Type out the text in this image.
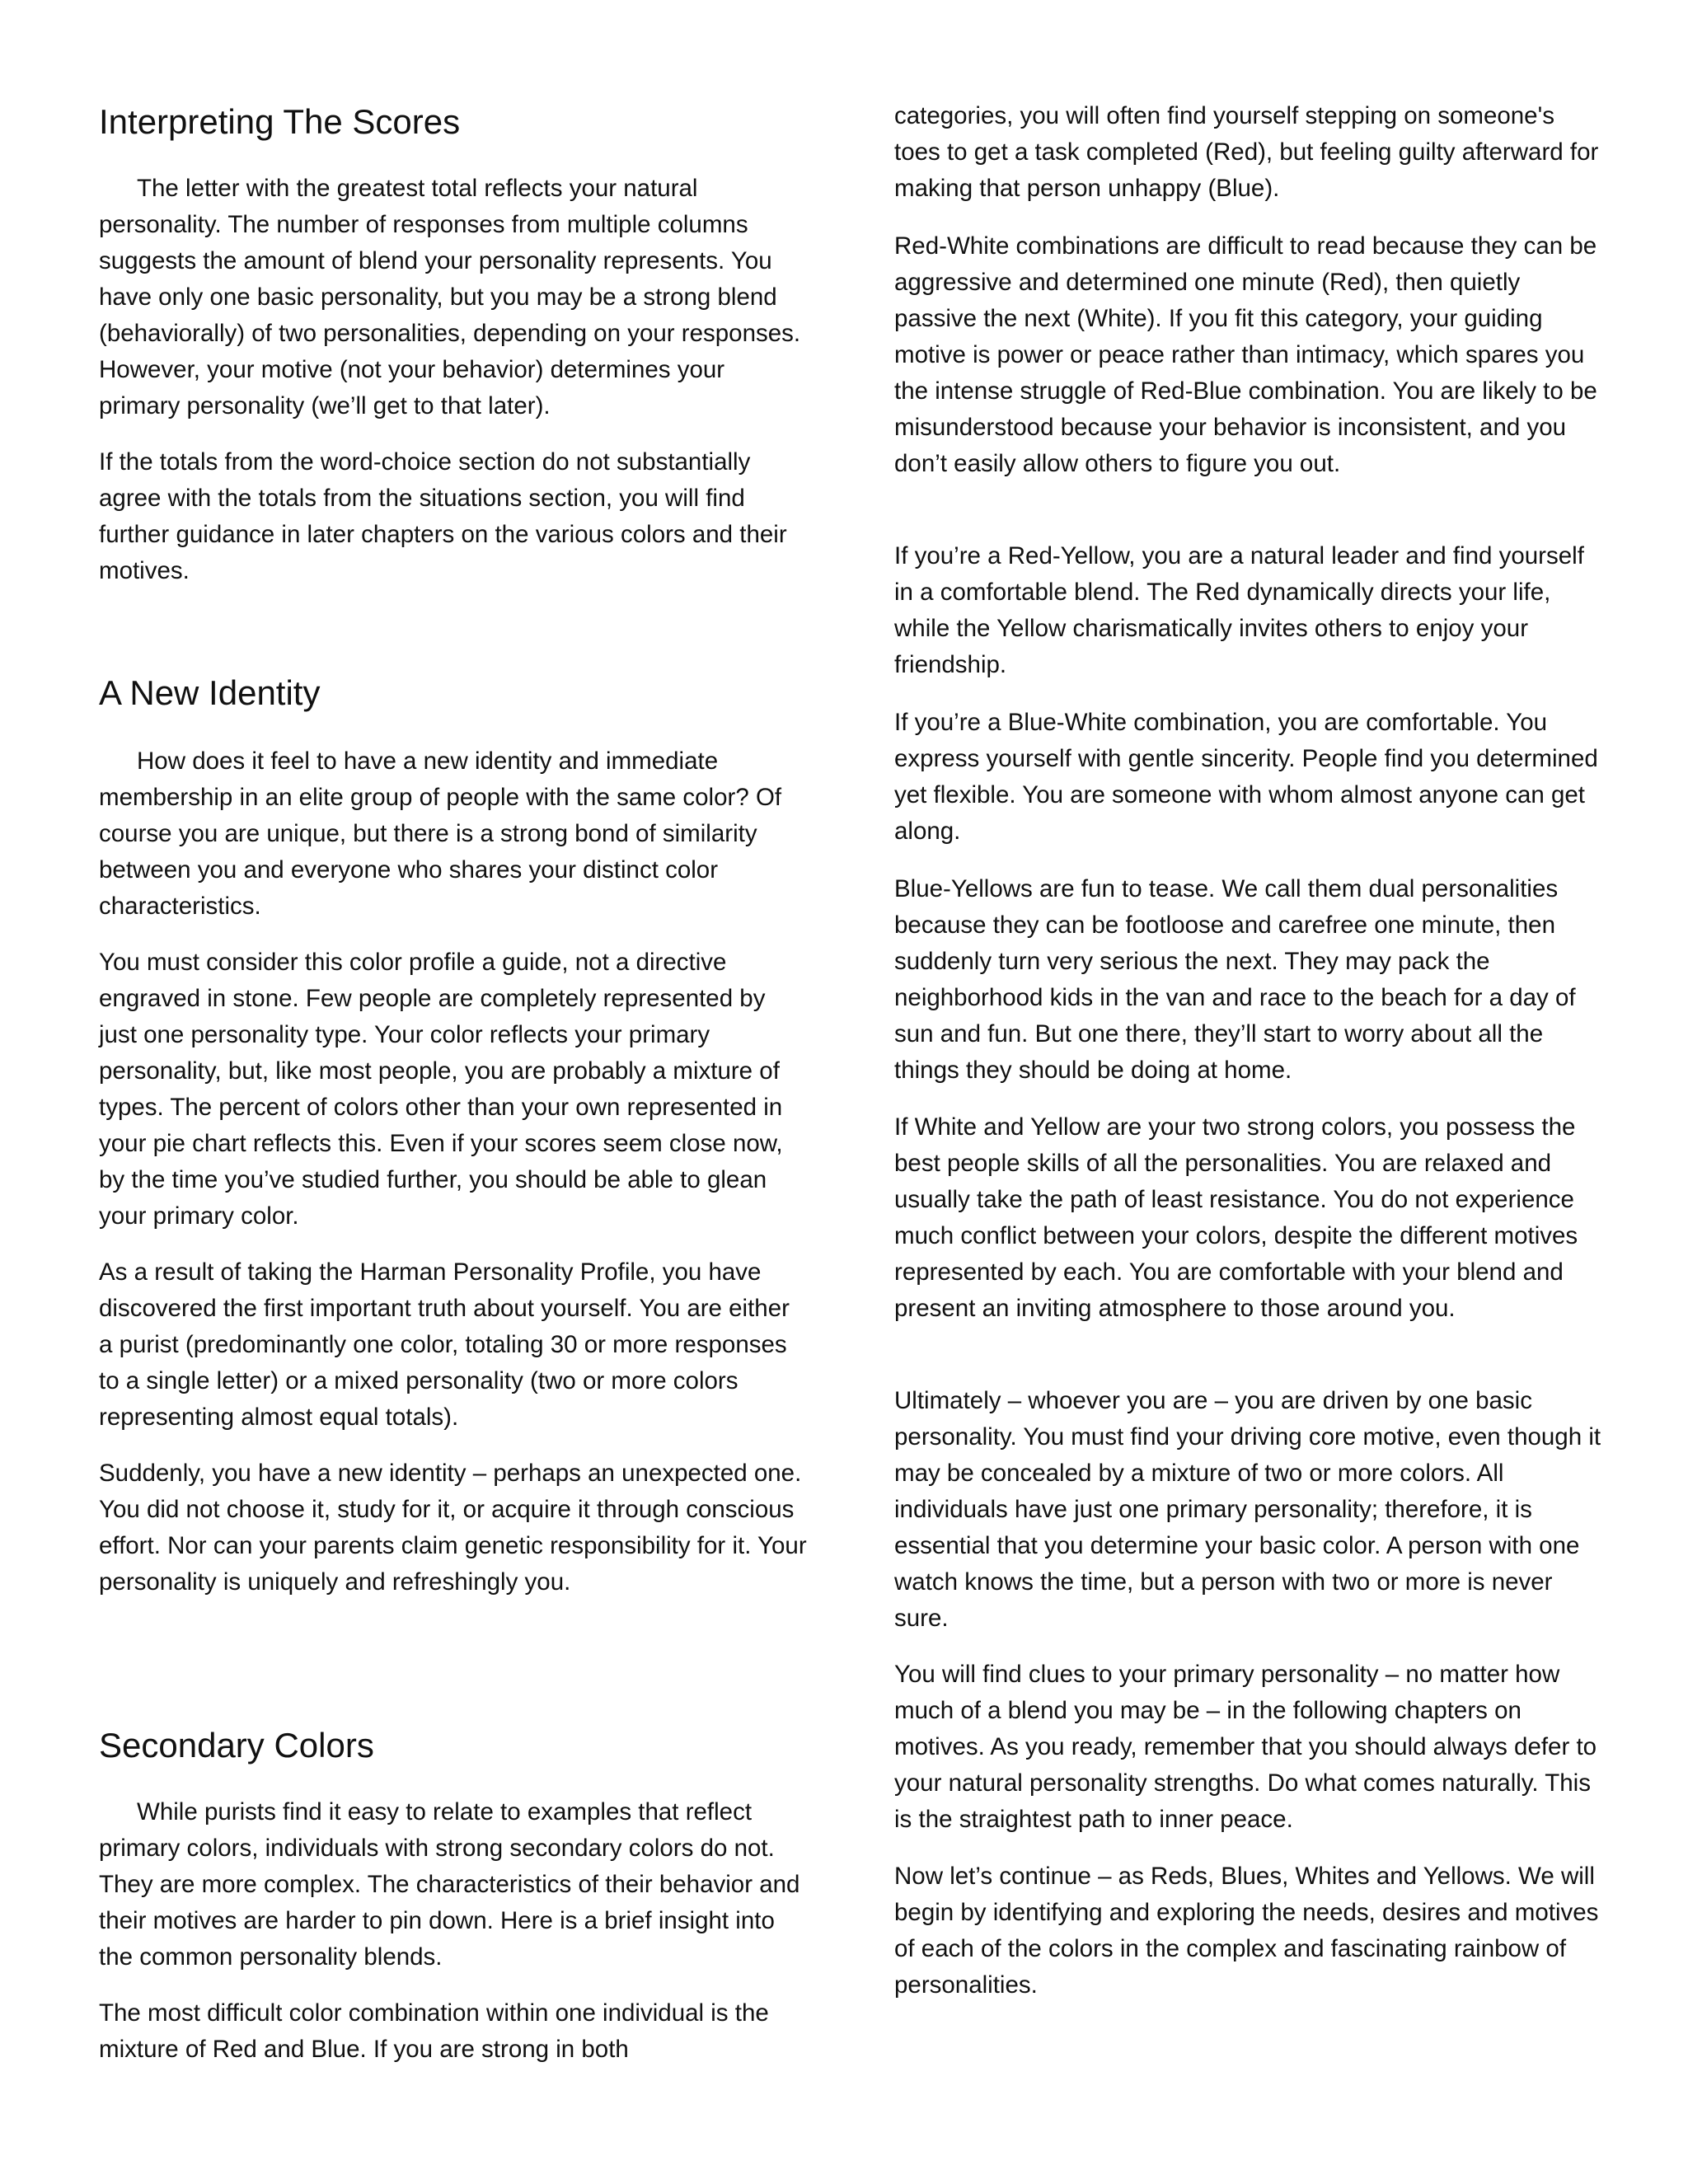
Interpreting The Scores

The letter with the greatest total reflects your natural personality. The number of responses from multiple columns suggests the amount of blend your personality represents. You have only one basic personality, but you may be a strong blend (behaviorally) of two personalities, depending on your responses. However, your motive (not your behavior) determines your primary personality (we’ll get to that later).

If the totals from the word-choice section do not substantially agree with the totals from the situations section, you will find further guidance in later chapters on the various colors and their motives.

A New Identity

How does it feel to have a new identity and immediate membership in an elite group of people with the same color? Of course you are unique, but there is a strong bond of similarity between you and everyone who shares your distinct color characteristics.

You must consider this color profile a guide, not a directive engraved in stone. Few people are completely represented by just one personality type. Your color reflects your primary personality, but, like most people, you are probably a mixture of types. The percent of colors other than your own represented in your pie chart reflects this. Even if your scores seem close now, by the time you’ve studied further, you should be able to glean your primary color.

As a result of taking the Harman Personality Profile, you have discovered the first important truth about yourself. You are either a purist (predominantly one color, totaling 30 or more responses to a single letter) or a mixed personality (two or more colors representing almost equal totals).

Suddenly, you have a new identity – perhaps an unexpected one. You did not choose it, study for it, or acquire it through conscious effort. Nor can your parents claim genetic responsibility for it. Your personality is uniquely and refreshingly you.

Secondary Colors

While purists find it easy to relate to examples that reflect primary colors, individuals with strong secondary colors do not. They are more complex. The characteristics of their behavior and their motives are harder to pin down. Here is a brief insight into the common personality blends.

The most difficult color combination within one individual is the mixture of Red and Blue. If you are strong in both

categories, you will often find yourself stepping on someone's toes to get a task completed (Red), but feeling guilty afterward for making that person unhappy (Blue).

Red-White combinations are difficult to read because they can be aggressive and determined one minute (Red), then quietly passive the next (White). If you fit this category, your guiding motive is power or peace rather than intimacy, which spares you the intense struggle of Red-Blue combination. You are likely to be misunderstood because your behavior is inconsistent, and you don’t easily allow others to figure you out.

If you’re a Red-Yellow, you are a natural leader and find yourself in a comfortable blend. The Red dynamically directs your life, while the Yellow charismatically invites others to enjoy your friendship.

If you’re a Blue-White combination, you are comfortable. You express yourself with gentle sincerity. People find you determined yet flexible. You are someone with whom almost anyone can get along.

Blue-Yellows are fun to tease. We call them dual personalities because they can be footloose and carefree one minute, then suddenly turn very serious the next. They may pack the neighborhood kids in the van and race to the beach for a day of sun and fun. But one there, they’ll start to worry about all the things they should be doing at home.

If White and Yellow are your two strong colors, you possess the best people skills of all the personalities. You are relaxed and usually take the path of least resistance. You do not experience much conflict between your colors, despite the different motives represented by each. You are comfortable with your blend and present an inviting atmosphere to those around you.

Ultimately – whoever you are – you are driven by one basic personality. You must find your driving core motive, even though it may be concealed by a mixture of two or more colors. All individuals have just one primary personality; therefore, it is essential that you determine your basic color. A person with one watch knows the time, but a person with two or more is never sure.

You will find clues to your primary personality – no matter how much of a blend you may be – in the following chapters on motives. As you ready, remember that you should always defer to your natural personality strengths. Do what comes naturally. This is the straightest path to inner peace.

Now let’s continue – as Reds, Blues, Whites and Yellows. We will begin by identifying and exploring the needs, desires and motives of each of the colors in the complex and fascinating rainbow of personalities.
